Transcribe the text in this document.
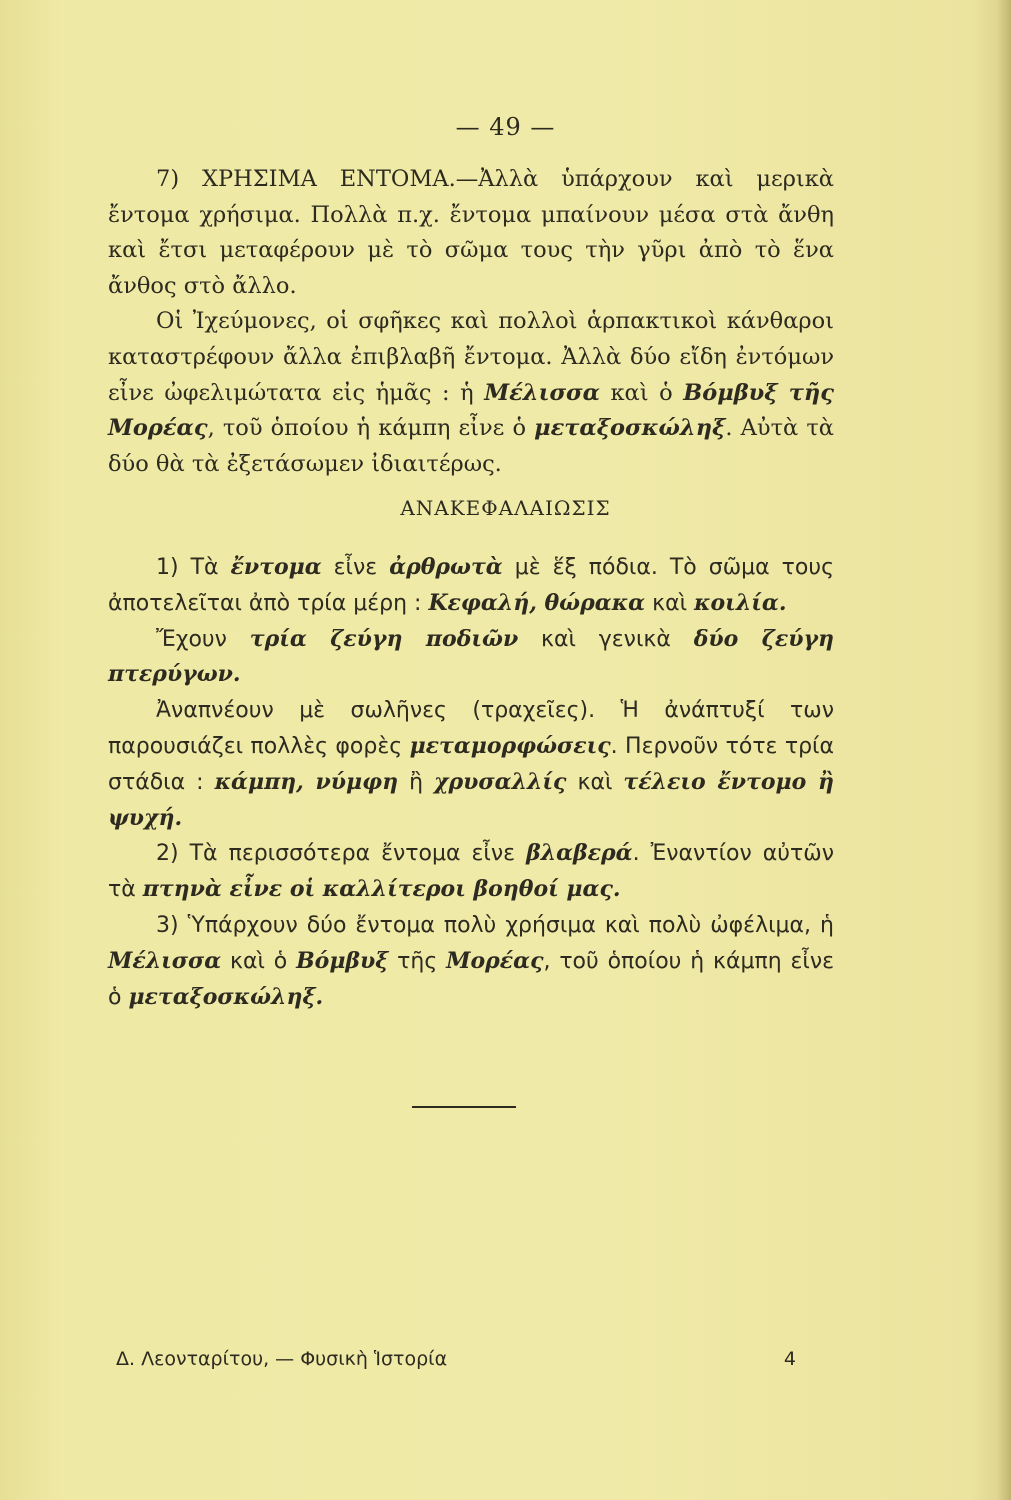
— 49 —

7) ΧΡΗΣΙΜΑ ΕΝΤΟΜΑ.—Ἀλλὰ ὑπάρχουν καὶ μερικὰ ἔντομα χρήσιμα. Πολλὰ π.χ. ἔντομα μπαίνουν μέσα στὰ ἄνθη καὶ ἔτσι μεταφέρουν μὲ τὸ σῶμα τους τὴν γῦρι ἀπὸ τὸ ἕνα ἄνθος στὸ ἄλλο.

Οἱ Ἰχεύμονες, οἱ σφῆκες καὶ πολλοὶ ἁρπακτικοὶ κάνθαροι καταστρέφουν ἄλλα ἐπιβλαβῆ ἔντομα. Ἀλλὰ δύο εἴδη ἐντόμων εἶνε ὠφελιμώτατα εἰς ἡμᾶς : ἡ Μέλισσα καὶ ὁ Βόμβυξ τῆς Μορέας, τοῦ ὁποίου ἡ κάμπη εἶνε ὁ μεταξοσκώληξ. Αὐτὰ τὰ δύο θὰ τὰ ἐξετάσωμεν ἰδιαιτέρως.

ΑΝΑΚΕΦΑΛΑΙΩΣΙΣ

1) Τὰ ἔντομα εἶνε ἀρθρωτὰ μὲ ἕξ πόδια. Τὸ σῶμα τους ἀποτελεῖται ἀπὸ τρία μέρη : Κεφαλή, θώρακα καὶ κοιλία.

Ἔχουν τρία ζεύγη ποδιῶν καὶ γενικὰ δύο ζεύγη πτερύγων.

Ἀναπνέουν μὲ σωλῆνες (τραχεῖες). Ἡ ἀνάπτυξί των παρουσιάζει πολλὲς φορὲς μεταμορφώσεις. Περνοῦν τότε τρία στάδια : κάμπη, νύμφη ἢ χρυσαλλίς καὶ τέλειο ἔντομο ἢ ψυχή.

2) Τὰ περισσότερα ἔντομα εἶνε βλαβερά. Ἐναντίον αὐτῶν τὰ πτηνὰ εἶνε οἱ καλλίτεροι βοηθοί μας.

3) Ὑπάρχουν δύο ἔντομα πολὺ χρήσιμα καὶ πολὺ ὠφέλιμα, ἡ Μέλισσα καὶ ὁ Βόμβυξ τῆς Μορέας, τοῦ ὁποίου ἡ κάμπη εἶνε ὁ μεταξοσκώληξ.

Δ. Λεονταρίτου, — Φυσικὴ Ἱστορία	4
